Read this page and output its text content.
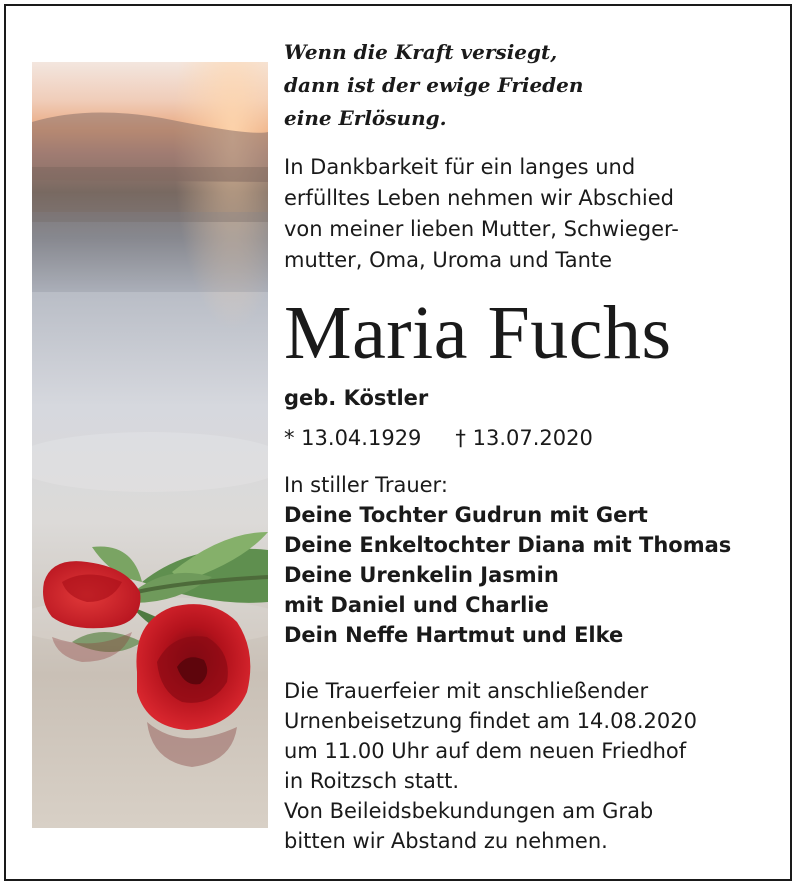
Wenn die Kraft versiegt,
dann ist der ewige Frieden
eine Erlösung.
In Dankbarkeit für ein langes und
erfülltes Leben nehmen wir Abschied
von meiner lieben Mutter, Schwieger-
mutter, Oma, Uroma und Tante
Maria Fuchs
geb. Köstler
* 13.04.1929 † 13.07.2020
In stiller Trauer:
Deine Tochter Gudrun mit Gert
Deine Enkeltochter Diana mit Thomas
Deine Urenkelin Jasmin
mit Daniel und Charlie
Dein Neffe Hartmut und Elke
Die Trauerfeier mit anschließender
Urnenbeisetzung findet am 14.08.2020
um 11.00 Uhr auf dem neuen Friedhof
in Roitzsch statt.
Von Beileidsbekundungen am Grab
bitten wir Abstand zu nehmen.
